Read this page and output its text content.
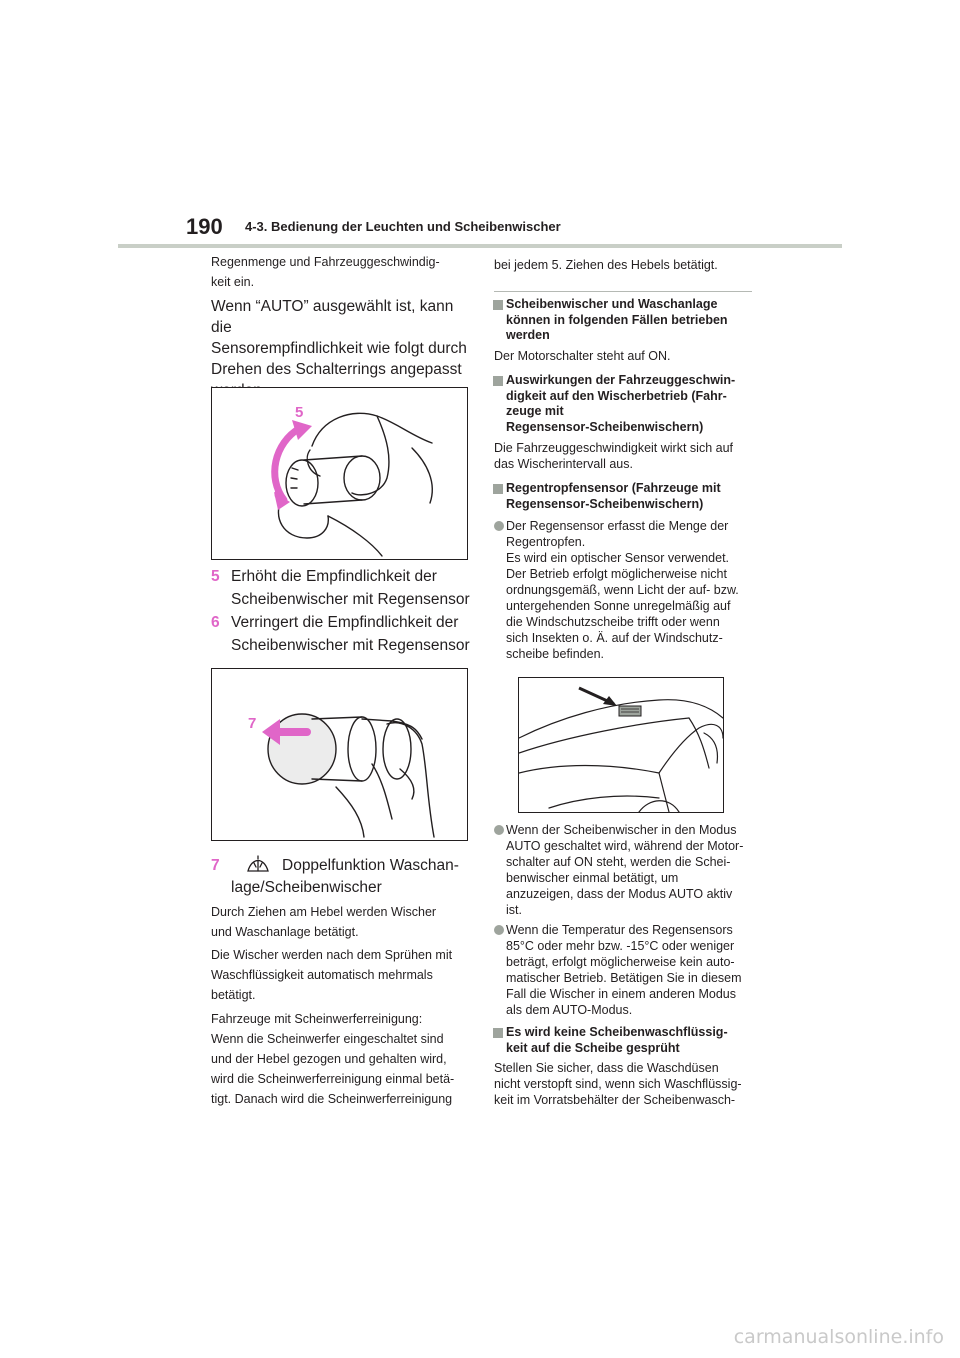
190 4-3. Bedienung der Leuchten und Scheibenwischer
Regenmenge und Fahrzeuggeschwindig-
keit ein.
Wenn “AUTO” ausgewählt ist, kann die
Sensorempfindlichkeit wie folgt durch
Drehen des Schalterrings angepasst
5
6
5 Erhöht die Empfindlichkeit der
Scheibenwischer mit Regensensor
6 Verringert die Empfindlichkeit der
Scheibenwischer mit Regensensor
7
7	Doppelfunktion Waschan-
lage/Scheibenwischer
Durch Ziehen am Hebel werden Wischer
und Waschanlage betätigt.
Die Wischer werden nach dem Sprühen mit
Waschflüssigkeit automatisch mehrmals
betätigt.
Fahrzeuge mit Scheinwerferreinigung:
Wenn die Scheinwerfer eingeschaltet sind
und der Hebel gezogen und gehalten wird,
wird die Scheinwerferreinigung einmal betä-
tigt. Danach wird die Scheinwerferreinigung
bei jedem 5. Ziehen des Hebels betätigt.
Scheibenwischer und Waschanlage
können in folgenden Fällen betrieben
werden
Der Motorschalter steht auf ON.
Auswirkungen der Fahrzeuggeschwin-
digkeit auf den Wischerbetrieb (Fahr-
zeuge mit
Regensensor-Scheibenwischern)
Die Fahrzeuggeschwindigkeit wirkt sich auf
das Wischerintervall aus.
Regentropfensensor (Fahrzeuge mit
Regensensor-Scheibenwischern)
Der Regensensor erfasst die Menge der
Regentropfen.
Es wird ein optischer Sensor verwendet.
Der Betrieb erfolgt möglicherweise nicht
ordnungsgemäß, wenn Licht der auf- bzw.
untergehenden Sonne unregelmäßig auf
die Windschutzscheibe trifft oder wenn
sich Insekten o. Ä. auf der Windschutz-
scheibe befinden.
Wenn der Scheibenwischer in den Modus
AUTO geschaltet wird, während der Motor-
schalter auf ON steht, werden die Schei-
benwischer einmal betätigt, um
anzuzeigen, dass der Modus AUTO aktiv
ist.
Wenn die Temperatur des Regensensors
85°C oder mehr bzw. -15°C oder weniger
beträgt, erfolgt möglicherweise kein auto-
matischer Betrieb. Betätigen Sie in diesem
Fall die Wischer in einem anderen Modus
als dem AUTO-Modus.
Es wird keine Scheibenwaschflüssig-
keit auf die Scheibe gesprüht
Stellen Sie sicher, dass die Waschdüsen
nicht verstopft sind, wenn sich Waschflüssig-
keit im Vorratsbehälter der Scheibenwasch-
carmanualsonline.info
